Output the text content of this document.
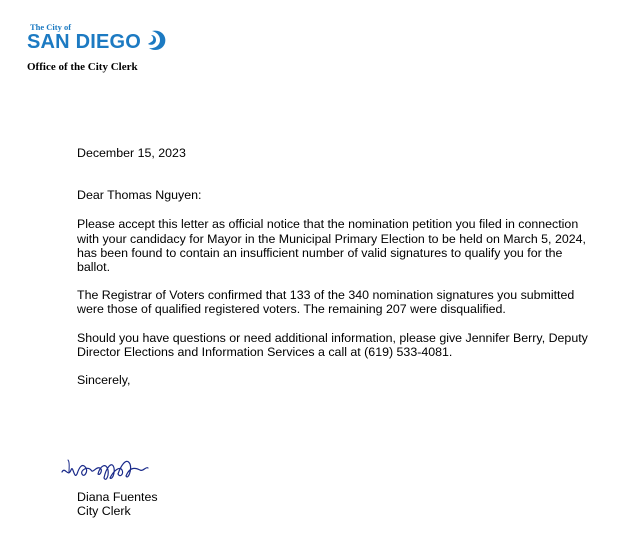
The City of
SAN DIEGO
Office of the City Clerk

December 15, 2023

Dear Thomas Nguyen:

Please accept this letter as official notice that the nomination petition you filed in connection with your candidacy for Mayor in the Municipal Primary Election to be held on March 5, 2024, has been found to contain an insufficient number of valid signatures to qualify you for the ballot.

The Registrar of Voters confirmed that 133 of the 340 nomination signatures you submitted were those of qualified registered voters. The remaining 207 were disqualified.

Should you have questions or need additional information, please give Jennifer Berry, Deputy Director Elections and Information Services a call at (619) 533-4081.

Sincerely,

Diana Fuentes
City Clerk
